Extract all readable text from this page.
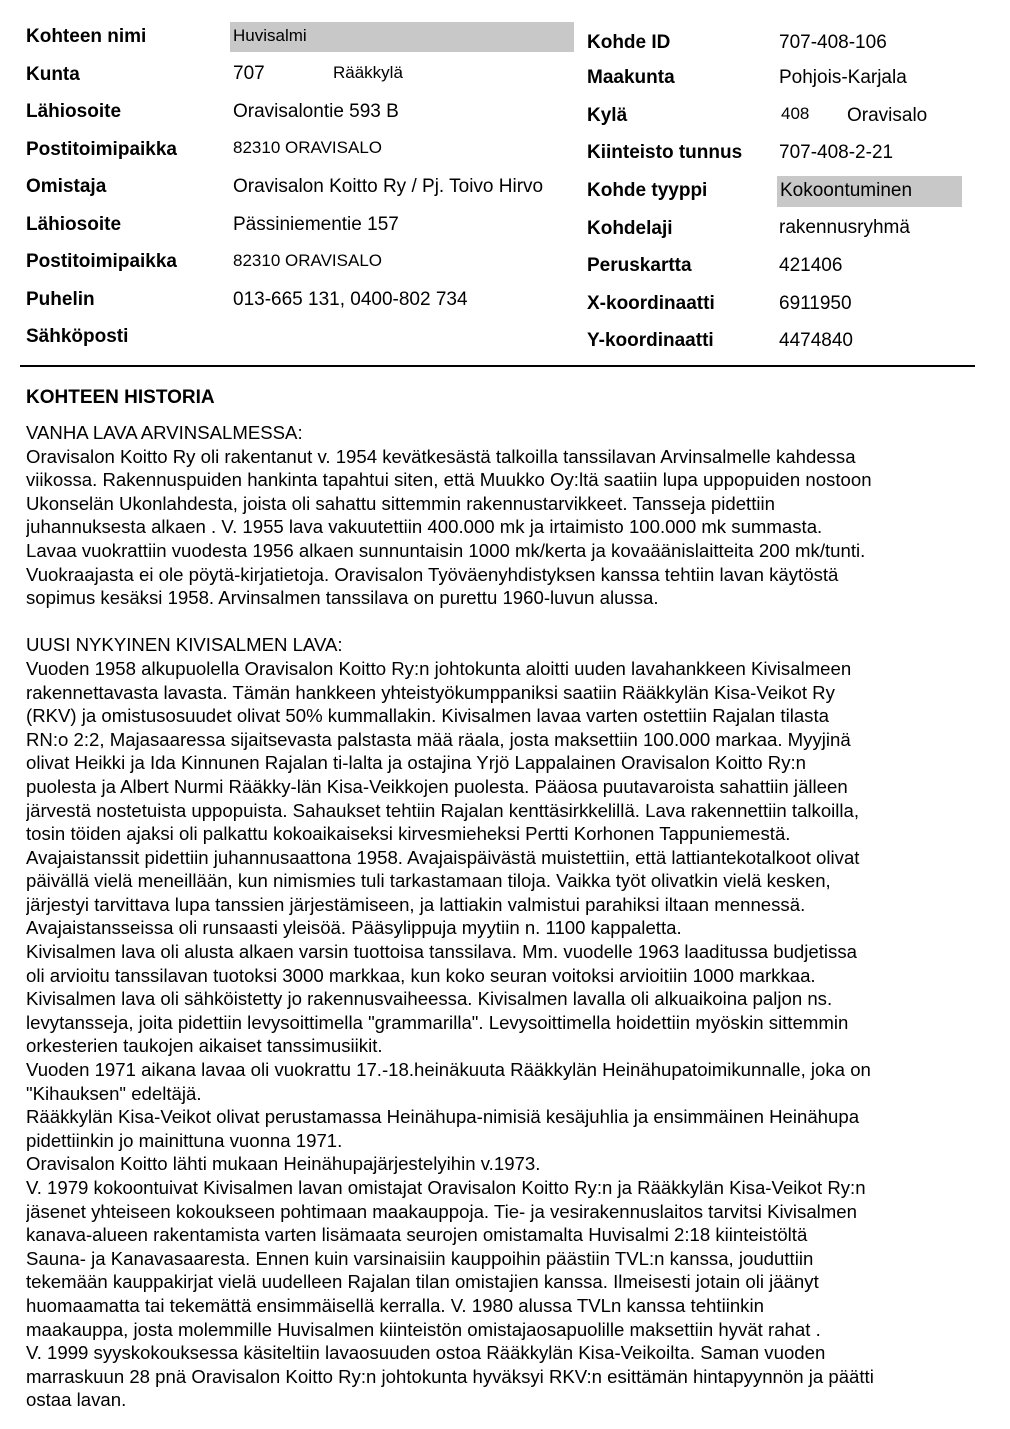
Kohteen nimi	Huvisalmi
Kunta	707	Rääkkylä
Lähiosoite	Oravisalontie 593 B
Postitoimipaikka	82310 ORAVISALO
Omistaja	Oravisalon Koitto Ry / Pj. Toivo Hirvo
Lähiosoite	Pässiniementie 157
Postitoimipaikka	82310 ORAVISALO
Puhelin	013-665 131, 0400-802 734
Sähköposti
Kohde ID	707-408-106
Maakunta	Pohjois-Karjala
Kylä	408 Oravisalo
Kiinteisto tunnus 707-408-2-21
Kohde tyyppi	Kokoontuminen
Kohdelaji	rakennusryhmä
Peruskartta	421406
X-koordinaatti	6911950
Y-koordinaatti	4474840
KOHTEEN HISTORIA
VANHA LAVA ARVINSALMESSA:
Oravisalon Koitto Ry oli rakentanut v. 1954 kevätkesästä talkoilla tanssilavan Arvinsalmelle kahdessa
viikossa. Rakennuspuiden hankinta tapahtui siten, että Muukko Oy:ltä saatiin lupa uppopuiden nostoon
Ukonselän Ukonlahdesta, joista oli sahattu sittemmin rakennustarvikkeet. Tansseja pidettiin
juhannuksesta alkaen . V. 1955 lava vakuutettiin 400.000 mk ja irtaimisto 100.000 mk summasta.
Lavaa vuokrattiin vuodesta 1956 alkaen sunnuntaisin 1000 mk/kerta ja kovaäänislaitteita 200 mk/tunti.
Vuokraajasta ei ole pöytä-kirjatietoja. Oravisalon Työväenyhdistyksen kanssa tehtiin lavan käytöstä
sopimus kesäksi 1958. Arvinsalmen tanssilava on purettu 1960-luvun alussa.
UUSI NYKYINEN KIVISALMEN LAVA:
Vuoden 1958 alkupuolella Oravisalon Koitto Ry:n johtokunta aloitti uuden lavahankkeen Kivisalmeen
rakennettavasta lavasta. Tämän hankkeen yhteistyökumppaniksi saatiin Rääkkylän Kisa-Veikot Ry
(RKV) ja omistusosuudet olivat 50% kummallakin. Kivisalmen lavaa varten ostettiin Rajalan tilasta
RN:o 2:2, Majasaaressa sijaitsevasta palstasta mää räala, josta maksettiin 100.000 markaa. Myyjinä
olivat Heikki ja Ida Kinnunen Rajalan ti-lalta ja ostajina Yrjö Lappalainen Oravisalon Koitto Ry:n
puolesta ja Albert Nurmi Rääkky-län Kisa-Veikkojen puolesta. Pääosa puutavaroista sahattiin jälleen
järvestä nostetuista uppopuista. Sahaukset tehtiin Rajalan kenttäsirkkelillä. Lava rakennettiin talkoilla,
tosin töiden ajaksi oli palkattu kokoaikaiseksi kirvesmieheksi Pertti Korhonen Tappuniemestä.
Avajaistanssit pidettiin juhannusaattona 1958. Avajaispäivästä muistettiin, että lattiantekotalkoot olivat
päivällä vielä meneillään, kun nimismies tuli tarkastamaan tiloja. Vaikka työt olivatkin vielä kesken,
järjestyi tarvittava lupa tanssien järjestämiseen, ja lattiakin valmistui parahiksi iltaan mennessä.
Avajaistansseissa oli runsaasti yleisöä. Pääsylippuja myytiin n. 1100 kappaletta.
Kivisalmen lava oli alusta alkaen varsin tuottoisa tanssilava. Mm. vuodelle 1963 laaditussa budjetissa
oli arvioitu tanssilavan tuotoksi 3000 markkaa, kun koko seuran voitoksi arvioitiin 1000 markkaa.
Kivisalmen lava oli sähköistetty jo rakennusvaiheessa. Kivisalmen lavalla oli alkuaikoina paljon ns.
levytansseja, joita pidettiin levysoittimella "grammarilla". Levysoittimella hoidettiin myöskin sittemmin
orkesterien taukojen aikaiset tanssimusiikit.
Vuoden 1971 aikana lavaa oli vuokrattu 17.-18.heinäkuuta Rääkkylän Heinähupatoimikunnalle, joka on
"Kihauksen" edeltäjä.
Rääkkylän Kisa-Veikot olivat perustamassa Heinähupa-nimisiä kesäjuhlia ja ensimmäinen Heinähupa
pidettiinkin jo mainittuna vuonna 1971.
Oravisalon Koitto lähti mukaan Heinähupajärjestelyihin v.1973.
V. 1979 kokoontuivat Kivisalmen lavan omistajat Oravisalon Koitto Ry:n ja Rääkkylän Kisa-Veikot Ry:n
jäsenet yhteiseen kokoukseen pohtimaan maakauppoja. Tie- ja vesirakennuslaitos tarvitsi Kivisalmen
kanava-alueen rakentamista varten lisämaata seurojen omistamalta Huvisalmi 2:18 kiinteistöltä
Sauna- ja Kanavasaaresta. Ennen kuin varsinaisiin kauppoihin päästiin TVL:n kanssa, jouduttiin
tekemään kauppakirjat vielä uudelleen Rajalan tilan omistajien kanssa. Ilmeisesti jotain oli jäänyt
huomaamatta tai tekemättä ensimmäisellä kerralla. V. 1980 alussa TVLn kanssa tehtiinkin
maakauppa, josta molemmille Huvisalmen kiinteistön omistajaosapuolille maksettiin hyvät rahat .
V. 1999 syyskokouksessa käsiteltiin lavaosuuden ostoa Rääkkylän Kisa-Veikoilta. Saman vuoden
marraskuun 28 pnä Oravisalon Koitto Ry:n johtokunta hyväksyi RKV:n esittämän hintapyynnön ja päätti
ostaa lavan.
